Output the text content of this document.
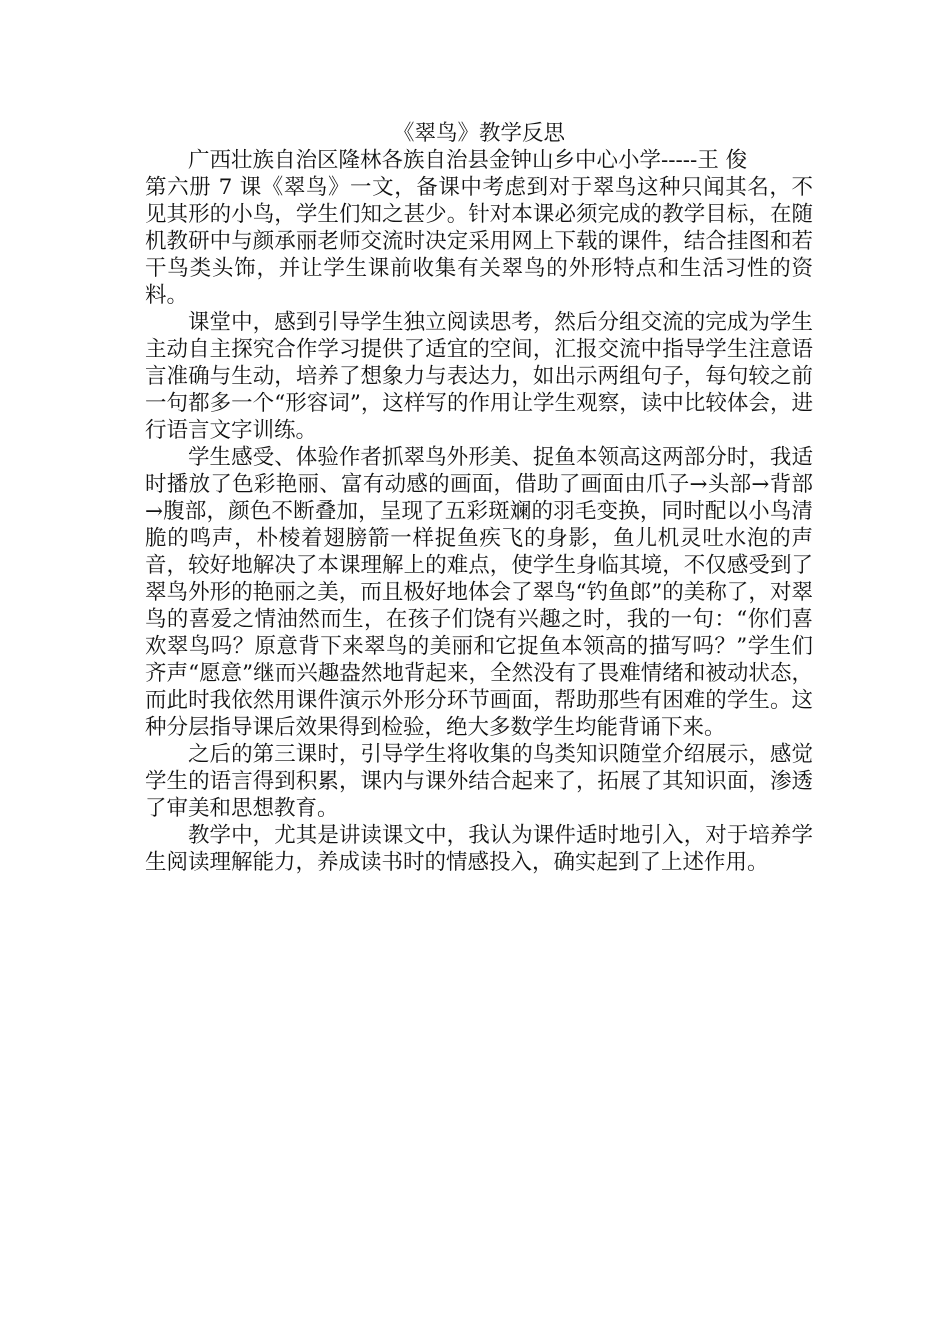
《翠鸟》教学反思

广西壮族自治区隆林各族自治县金钟山乡中心小学-----王 俊

第六册 7 课《翠鸟》一文，备课中考虑到对于翠鸟这种只闻其名，不见其形的小鸟，学生们知之甚少。针对本课必须完成的教学目标，在随机教研中与颜承丽老师交流时决定采用网上下载的课件，结合挂图和若干鸟类头饰，并让学生课前收集有关翠鸟的外形特点和生活习性的资料。

课堂中，感到引导学生独立阅读思考，然后分组交流的完成为学生主动自主探究合作学习提供了适宜的空间，汇报交流中指导学生注意语言准确与生动，培养了想象力与表达力，如出示两组句子，每句较之前一句都多一个“形容词”，这样写的作用让学生观察，读中比较体会，进行语言文字训练。

学生感受、体验作者抓翠鸟外形美、捉鱼本领高这两部分时，我适时播放了色彩艳丽、富有动感的画面，借助了画面由爪子→头部→背部→腹部，颜色不断叠加，呈现了五彩斑斓的羽毛变换，同时配以小鸟清脆的鸣声，朴棱着翅膀箭一样捉鱼疾飞的身影，鱼儿机灵吐水泡的声音，较好地解决了本课理解上的难点，使学生身临其境，不仅感受到了翠鸟外形的艳丽之美，而且极好地体会了翠鸟“钓鱼郎”的美称了，对翠鸟的喜爱之情油然而生，在孩子们饶有兴趣之时，我的一句：“你们喜欢翠鸟吗？原意背下来翠鸟的美丽和它捉鱼本领高的描写吗？”学生们齐声“愿意”继而兴趣盎然地背起来，全然没有了畏难情绪和被动状态，而此时我依然用课件演示外形分环节画面，帮助那些有困难的学生。这种分层指导课后效果得到检验，绝大多数学生均能背诵下来。

之后的第三课时，引导学生将收集的鸟类知识随堂介绍展示，感觉学生的语言得到积累，课内与课外结合起来了，拓展了其知识面，渗透了审美和思想教育。

教学中，尤其是讲读课文中，我认为课件适时地引入，对于培养学生阅读理解能力，养成读书时的情感投入，确实起到了上述作用。
